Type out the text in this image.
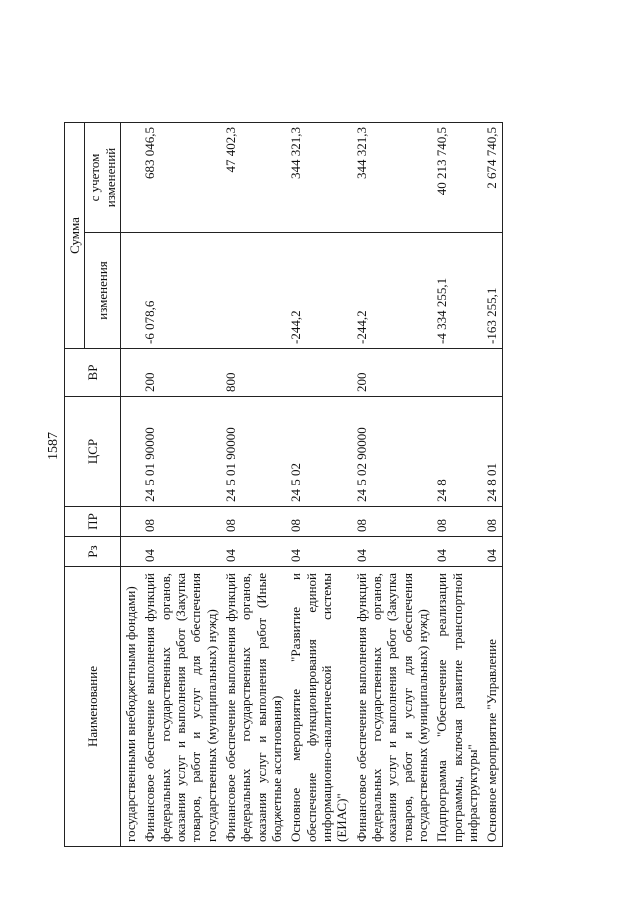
1587
Наименование	Рз	ПР	ЦСР	ВР	Сумма	
					изменения	с учетом изменений
государственными внебюджетными фондами)						
Финансовое обеспечение выполнения функций федеральных государственных органов, оказания услуг и выполнения работ (Закупка товаров, работ и услуг для обеспечения государственных (муниципальных) нужд)	04	08	24 5 01 90000	200	-6 078,6	683 046,5
Финансовое обеспечение выполнения функций федеральных государственных органов, оказания услуг и выполнения работ (Иные бюджетные ассигнования)	04	08	24 5 01 90000	800		47 402,3
Основное мероприятие "Развитие и обеспечение функционирования единой информационно-аналитической системы (ЕИАС)"	04	08	24 5 02		-244,2	344 321,3
Финансовое обеспечение выполнения функций федеральных государственных органов, оказания услуг и выполнения работ (Закупка товаров, работ и услуг для обеспечения государственных (муниципальных) нужд)	04	08	24 5 02 90000	200	-244,2	344 321,3
Подпрограмма "Обеспечение реализации программы, включая развитие транспортной инфраструктуры"	04	08	24 8		-4 334 255,1	40 213 740,5
Основное мероприятие "Управление	04	08	24 8 01		-163 255,1	2 674 740,5
